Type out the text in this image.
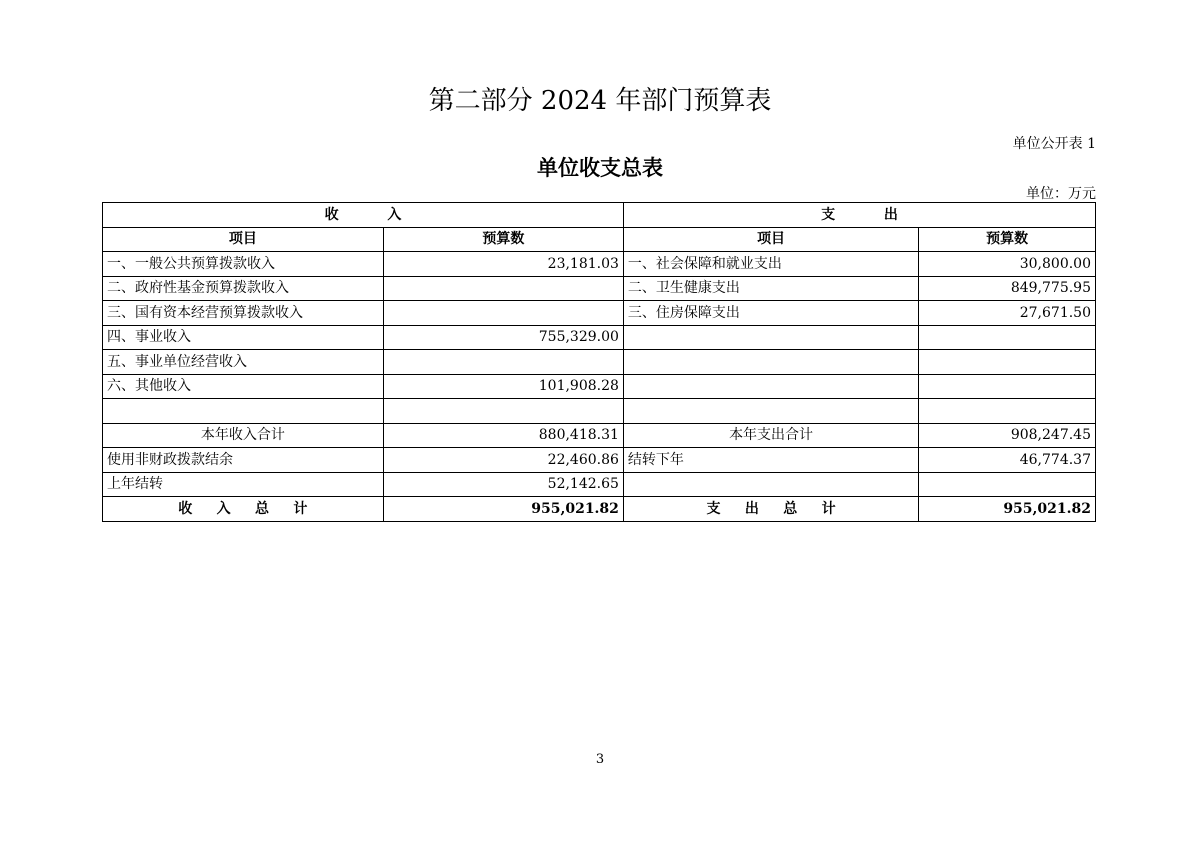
第二部分 2024 年部门预算表
单位公开表 1
单位收支总表
单位：万元
收          入		支          出	
项目	预算数	项目	预算数
一、一般公共预算拨款收入	23,181.03	一、社会保障和就业支出	30,800.00
二、政府性基金预算拨款收入		二、卫生健康支出	849,775.95
三、国有资本经营预算拨款收入		三、住房保障支出	27,671.50
四、事业收入	755,329.00		
五、事业单位经营收入			
六、其他收入	101,908.28		

本年收入合计	880,418.31	本年支出合计	908,247.45
使用非财政拨款结余	22,460.86	结转下年	46,774.37
上年结转	52,142.65		
收     入     总     计	955,021.82	支     出     总     计	955,021.82
3
